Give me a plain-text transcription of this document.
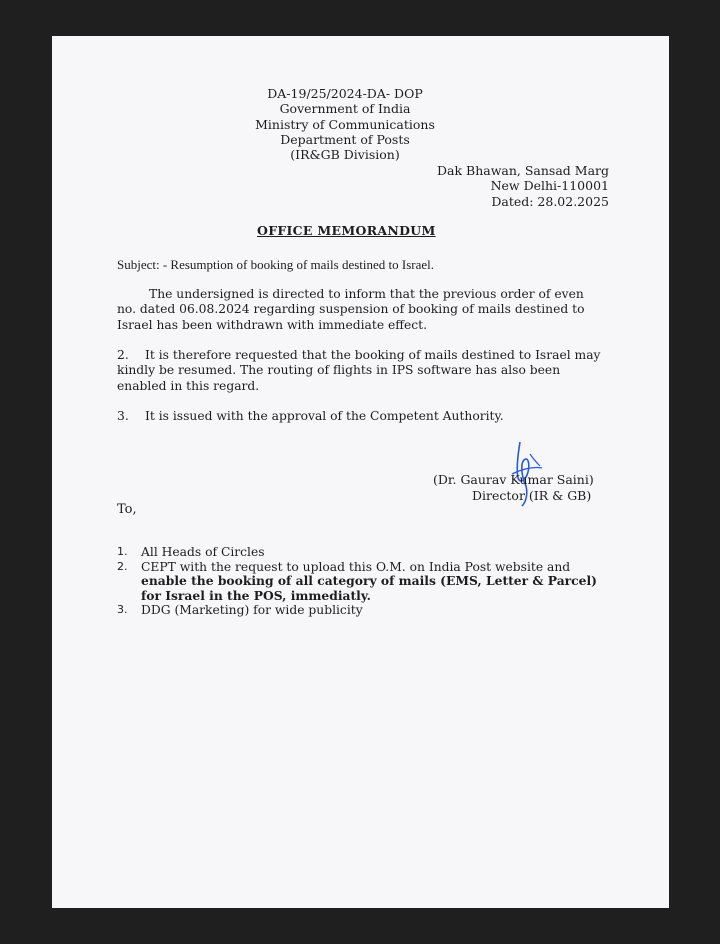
DA-19/25/2024-DA- DOP
Government of India
Ministry of Communications
Department of Posts
(IR&GB Division)
Dak Bhawan, Sansad Marg
New Delhi-110001
Dated: 28.02.2025
OFFICE MEMORANDUM
Subject: - Resumption of booking of mails destined to Israel.
The undersigned is directed to inform that the previous order of even no. dated 06.08.2024 regarding suspension of booking of mails destined to Israel has been withdrawn with immediate effect.
2. It is therefore requested that the booking of mails destined to Israel may kindly be resumed. The routing of flights in IPS software has also been enabled in this regard.
3. It is issued with the approval of the Competent Authority.
(Dr. Gaurav Kumar Saini)
Director (IR & GB)
To,
1. All Heads of Circles
2. CEPT with the request to upload this O.M. on India Post website and enable the booking of all category of mails (EMS, Letter & Parcel) for Israel in the POS, immediatly.
3. DDG (Marketing) for wide publicity
